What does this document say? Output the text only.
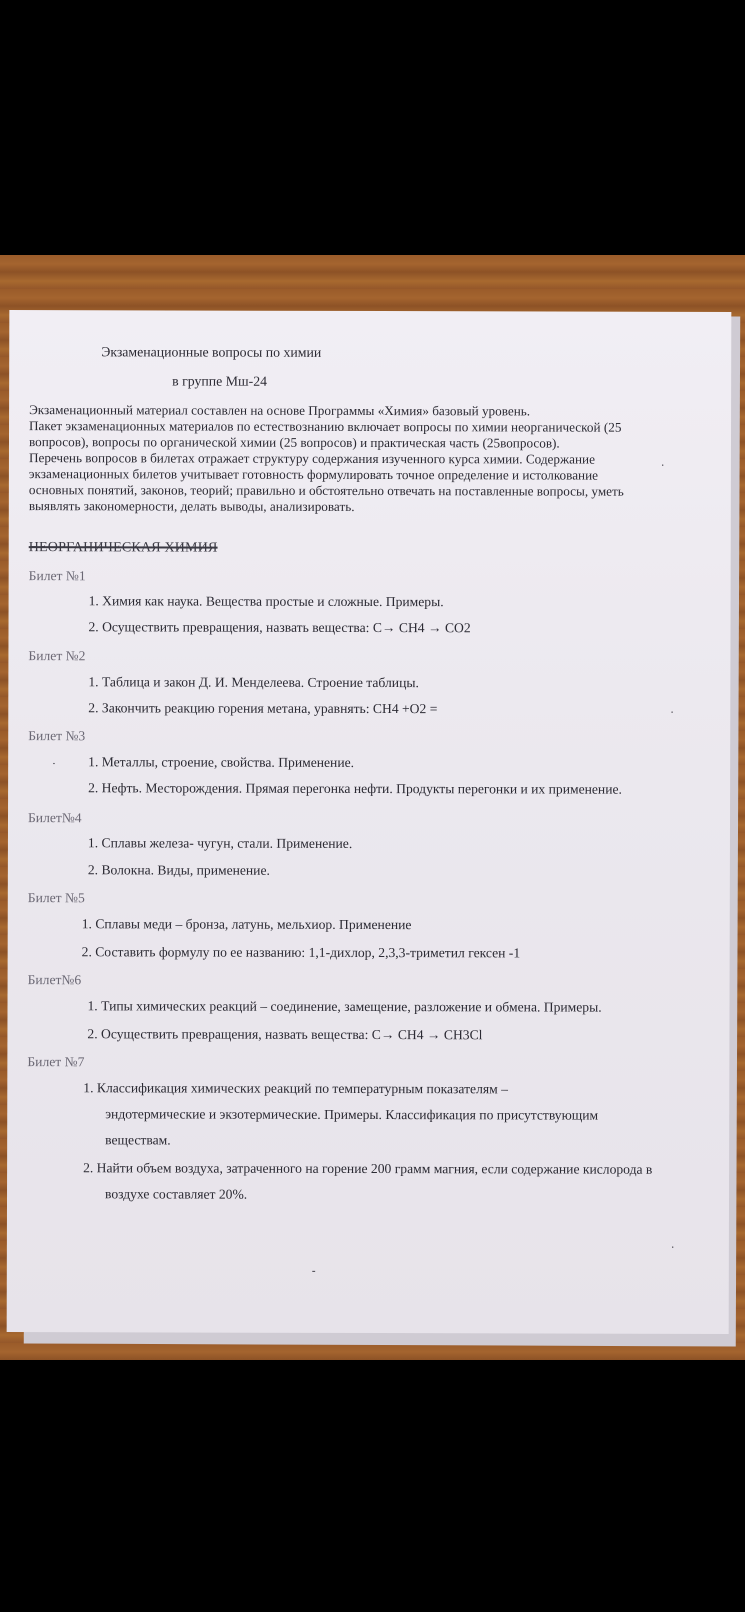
Экзаменационные вопросы по химии
в группе Мш-24
Экзаменационный материал составлен на основе Программы «Химия» базовый уровень.
Пакет экзаменационных материалов по естествознанию включает вопросы по химии неорганической (25
вопросов), вопросы по органической химии (25 вопросов) и практическая часть (25вопросов).
Перечень вопросов в билетах отражает структуру содержания изученного курса химии. Содержание
экзаменационных билетов учитывает готовность формулировать точное определение и истолкование
основных понятий, законов, теорий; правильно и обстоятельно отвечать на поставленные вопросы, уметь
выявлять закономерности, делать выводы, анализировать.
НЕОРГАНИЧЕСКАЯ ХИМИЯ
Билет №1
1. Химия как наука. Вещества простые и сложные. Примеры.
2. Осуществить превращения, назвать вещества: C→ CH4 → CO2
Билет №2
1. Таблица и закон Д. И. Менделеева. Строение таблицы.
2. Закончить реакцию горения метана, уравнять: CH4 +O2 =
Билет №3
1. Металлы, строение, свойства. Применение.
2. Нефть. Месторождения. Прямая перегонка нефти. Продукты перегонки и их применение.
Билет№4
1. Сплавы железа- чугун, стали. Применение.
2. Волокна. Виды, применение.
Билет №5
1. Сплавы меди – бронза, латунь, мельхиор. Применение
2. Составить формулу по ее названию: 1,1-дихлор, 2,3,3-триметил гексен -1
Билет№6
1. Типы химических реакций – соединение, замещение, разложение и обмена. Примеры.
2. Осуществить превращения, назвать вещества: C→ CH4 → CH3Cl
Билет №7
1. Классификация химических реакций по температурным показателям –
эндотермические и экзотермические. Примеры. Классификация по присутствующим
веществам.
2. Найти объем воздуха, затраченного на горение 200 грамм магния, если содержание кислорода в
воздухе составляет 20%.
·
·
·
·
-
